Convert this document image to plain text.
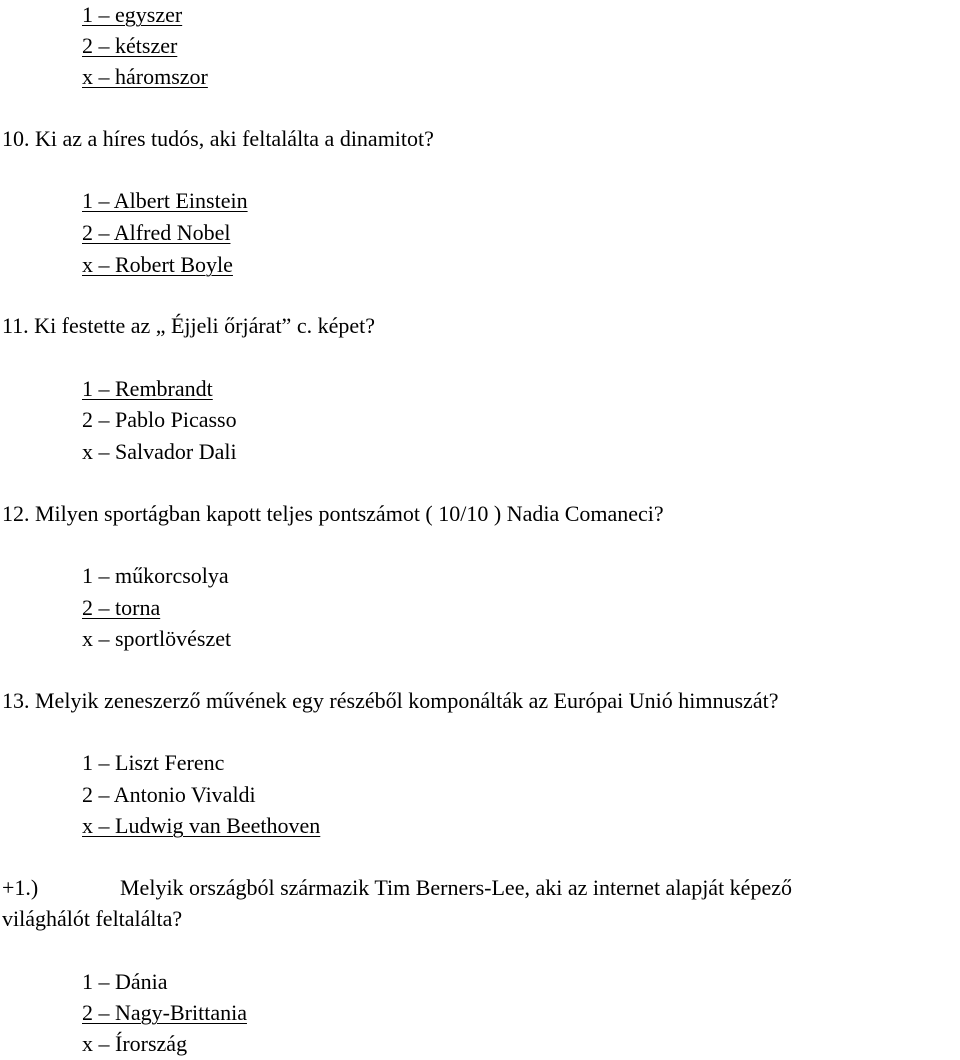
1 – egyszer
2 – kétszer
x – háromszor
10. Ki az a híres tudós, aki feltalálta a dinamitot?
1 – Albert Einstein
2 – Alfred Nobel
x – Robert Boyle
11. Ki festette az „ Éjjeli őrjárat” c. képet?
1 – Rembrandt
2 – Pablo Picasso
x – Salvador Dali
12. Milyen sportágban kapott teljes pontszámot ( 10/10 ) Nadia Comaneci?
1 – műkorcsolya
2 – torna
x – sportlövészet
13. Melyik zeneszerző művének egy részéből komponálták az Európai Unió himnuszát?
1 – Liszt Ferenc
2 – Antonio Vivaldi
x – Ludwig van Beethoven
+1.)	Melyik országból származik Tim Berners-Lee, aki az internet alapját képező
világhálót feltalálta?
1 – Dánia
2 – Nagy-Brittania
x – Írország
